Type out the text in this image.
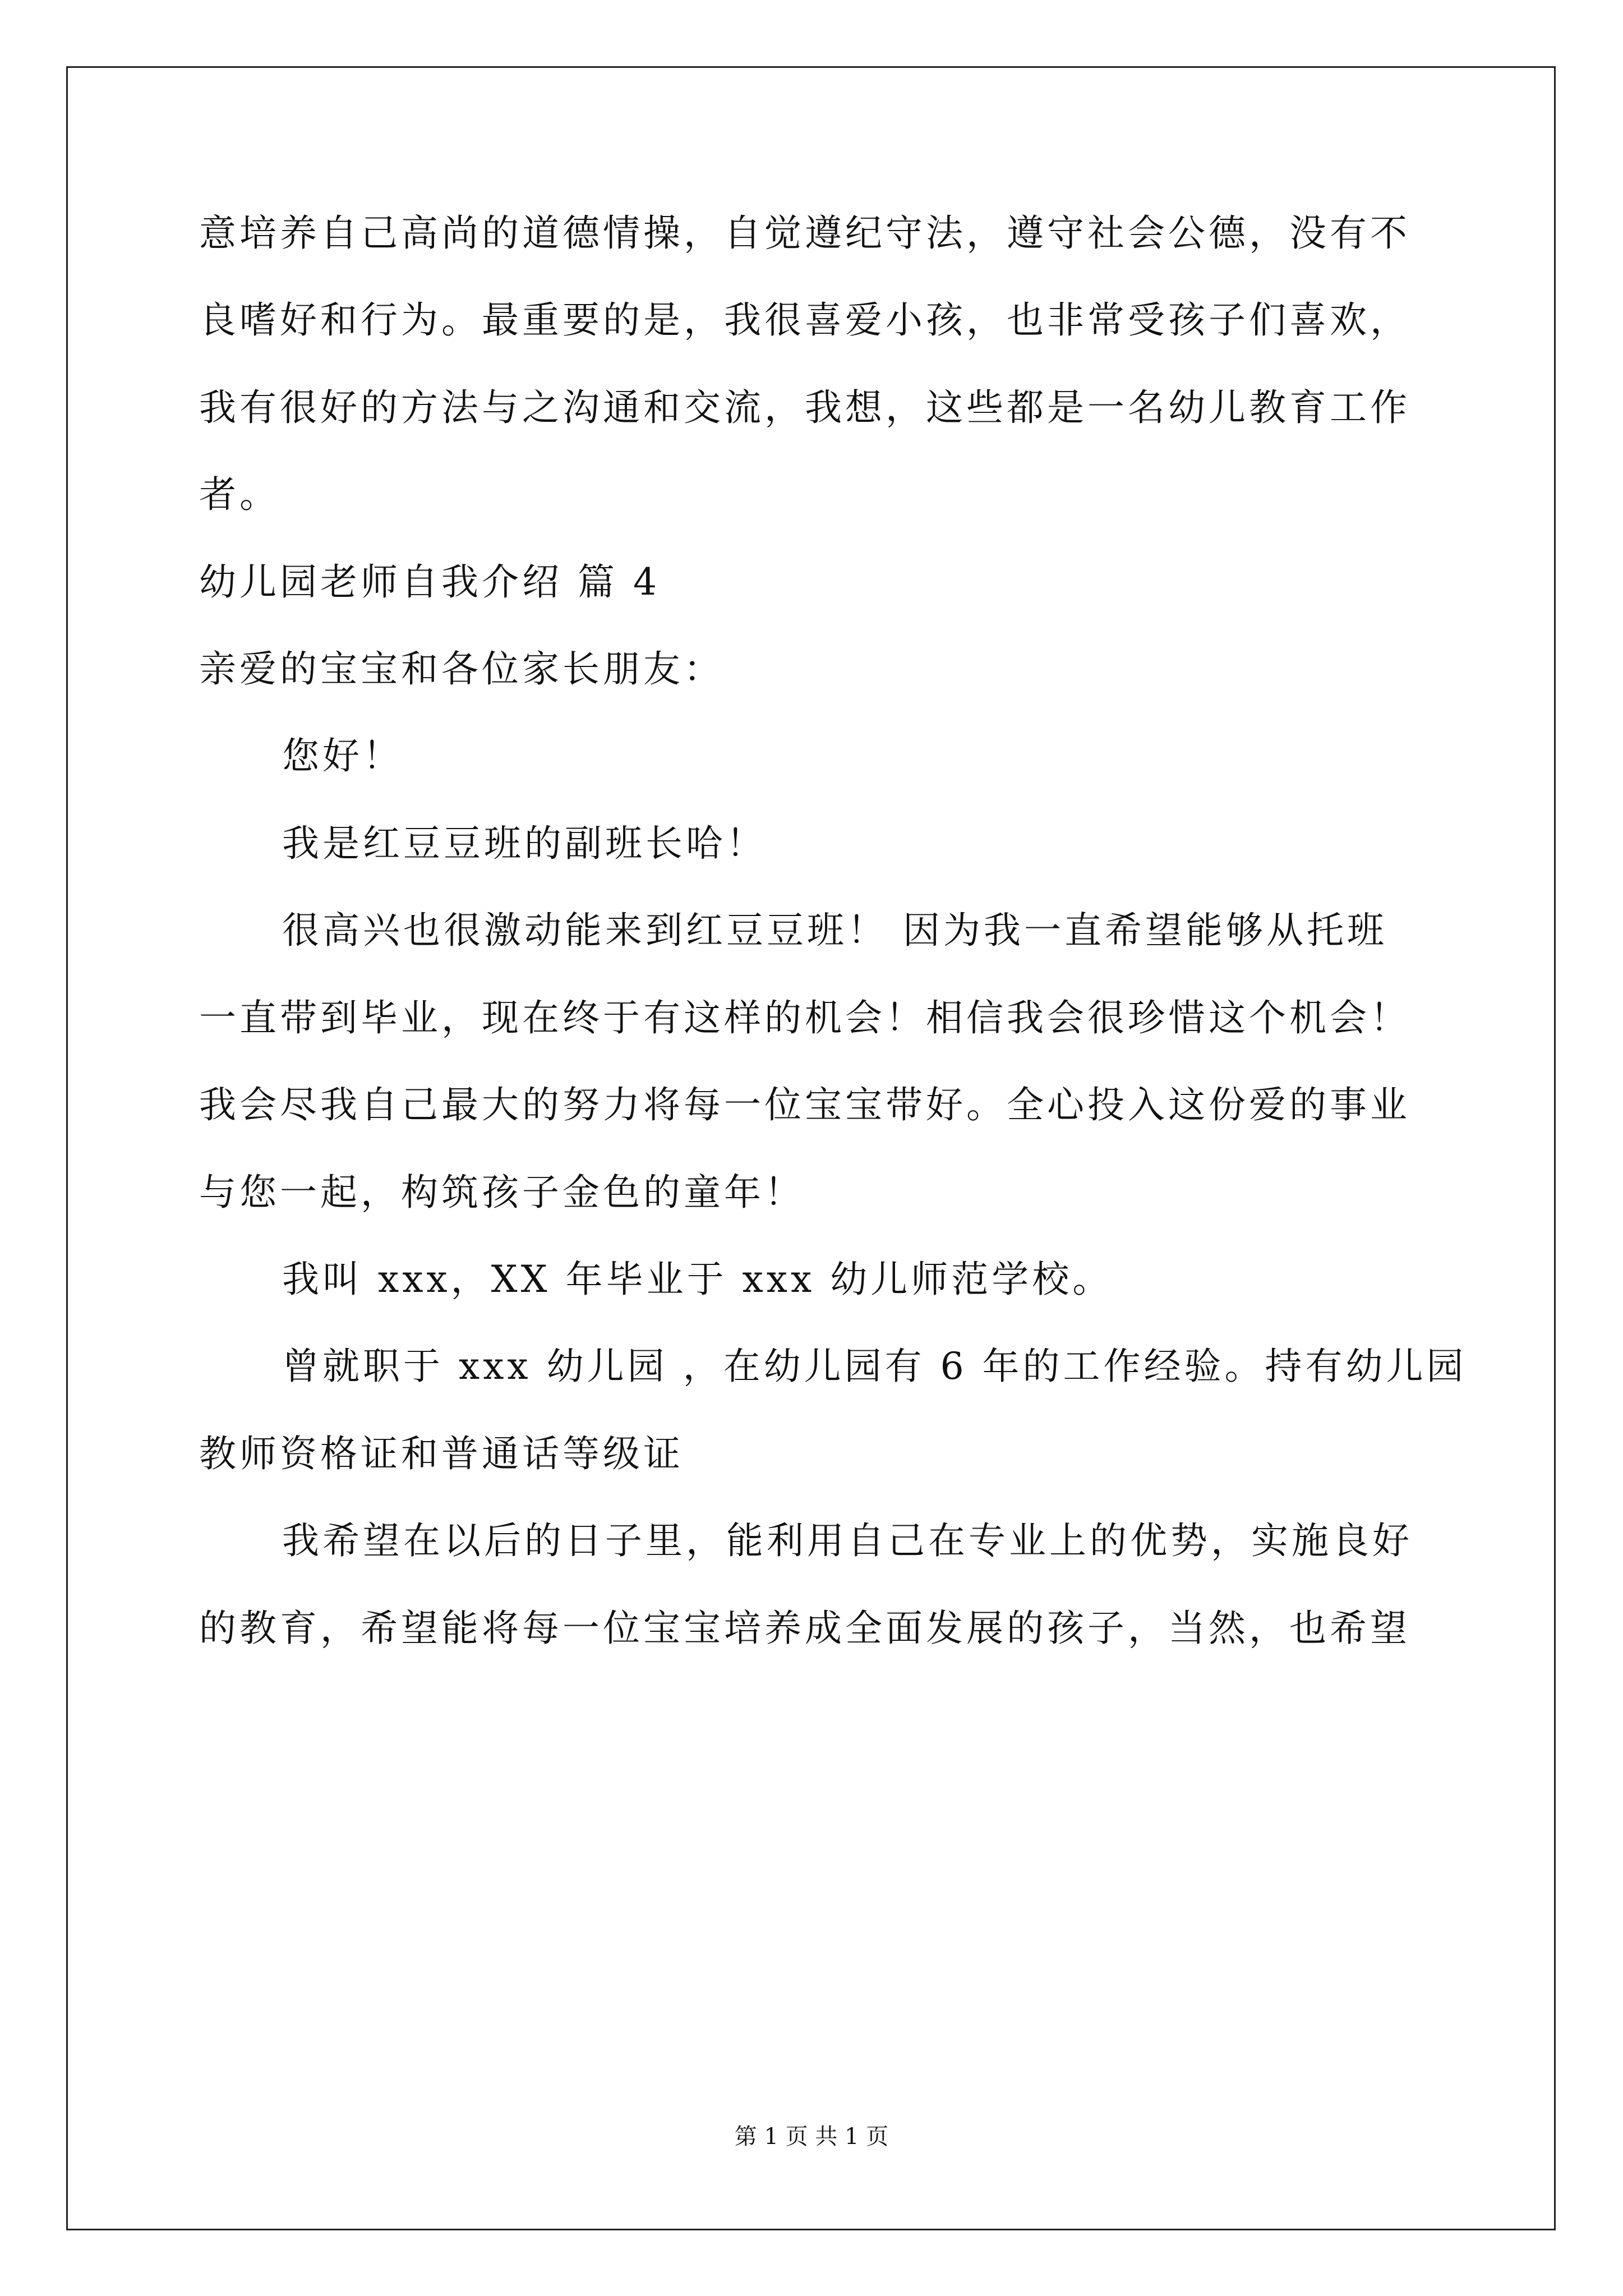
意培养自己高尚的道德情操，自觉遵纪守法，遵守社会公德，没有不

良嗜好和行为。最重要的是，我很喜爱小孩，也非常受孩子们喜欢，

我有很好的方法与之沟通和交流，我想，这些都是一名幼儿教育工作

者。

幼儿园老师自我介绍 篇 4

亲爱的宝宝和各位家长朋友：

您好！

我是红豆豆班的副班长哈！

很高兴也很激动能来到红豆豆班！ 因为我一直希望能够从托班

一直带到毕业，现在终于有这样的机会！相信我会很珍惜这个机会！

我会尽我自己最大的努力将每一位宝宝带好。全心投入这份爱的事业

与您一起，构筑孩子金色的童年！

我叫 xxx，XX 年毕业于 xxx 幼儿师范学校。

曾就职于 xxx 幼儿园 ，在幼儿园有 6 年的工作经验。持有幼儿园

教师资格证和普通话等级证

我希望在以后的日子里，能利用自己在专业上的优势，实施良好

的教育，希望能将每一位宝宝培养成全面发展的孩子，当然，也希望

第 1 页 共 1 页
